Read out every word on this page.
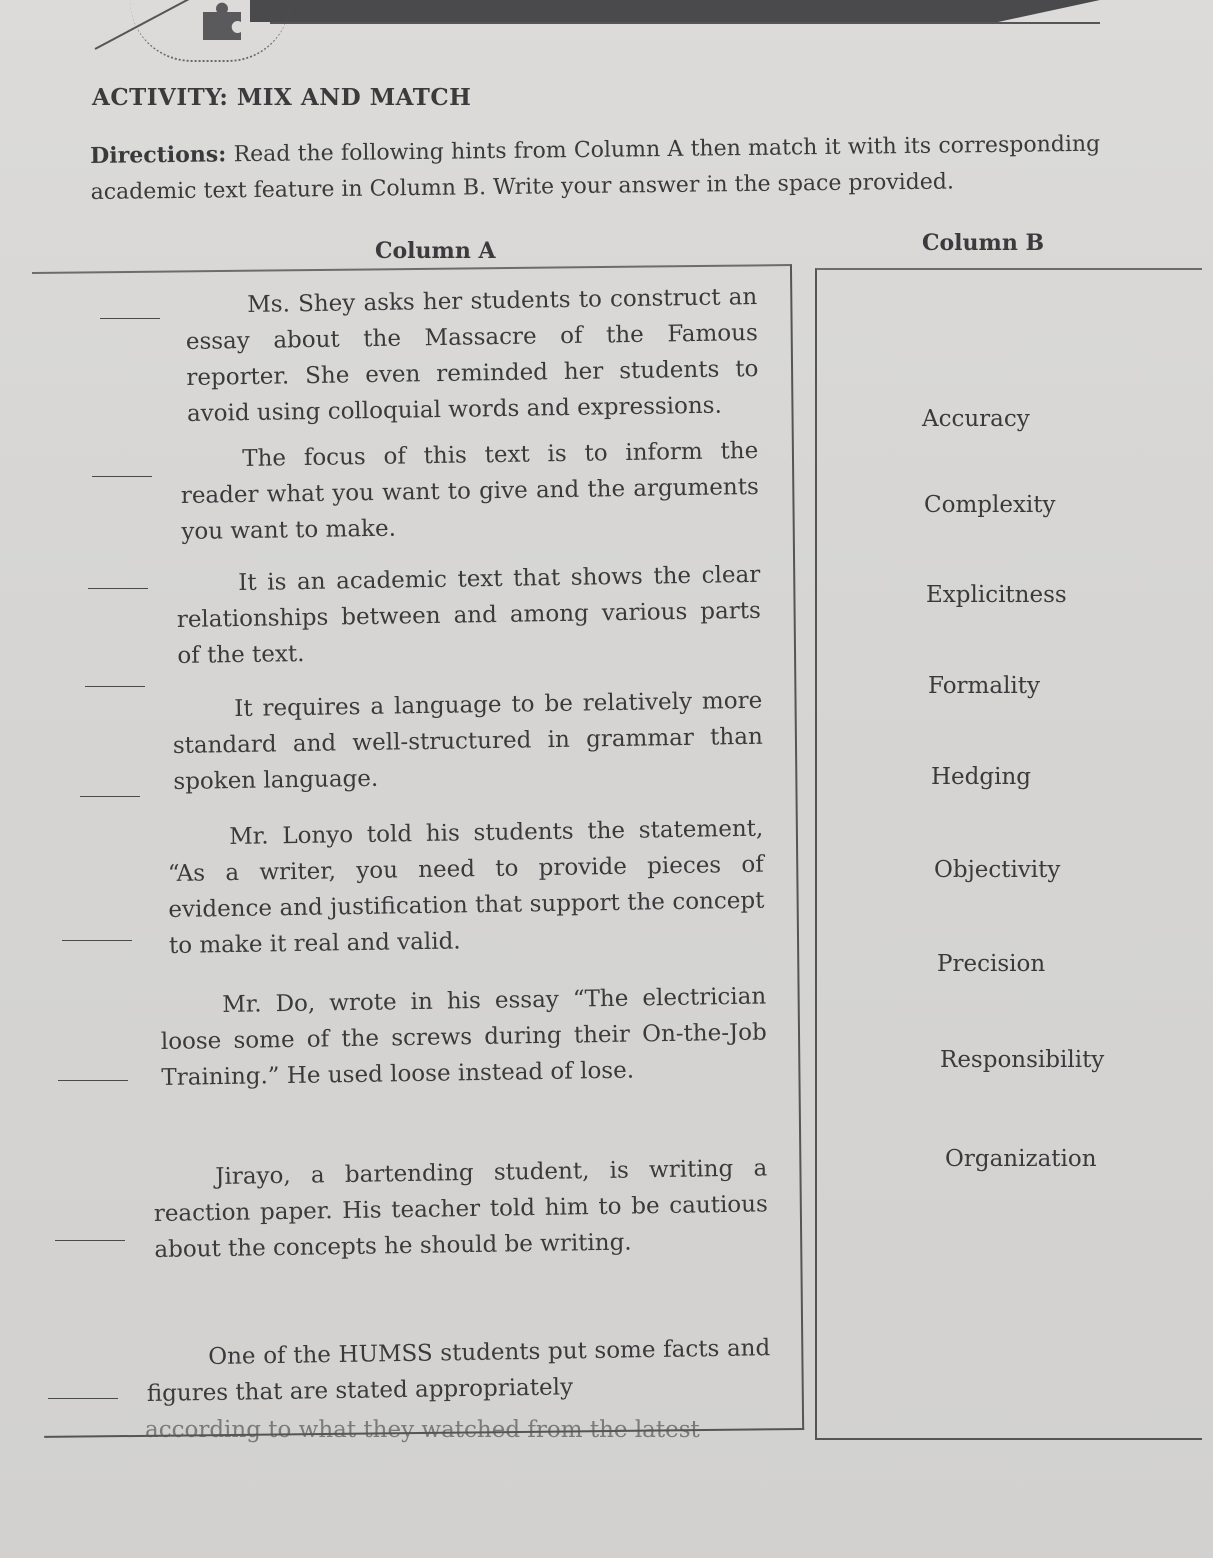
ACTIVITY: MIX AND MATCH
Directions: Read the following hints from Column A then match it with its corresponding academic text feature in Column B. Write your answer in the space provided.
Column A	Column B
Ms. Shey asks her students to construct an essay about the Massacre of the Famous reporter. She even reminded her students to avoid using colloquial words and expressions.
The focus of this text is to inform the reader what you want to give and the arguments you want to make.
It is an academic text that shows the clear relationships between and among various parts of the text.
It requires a language to be relatively more standard and well-structured in grammar than spoken language.
Mr. Lonyo told his students the statement, “As a writer, you need to provide pieces of evidence and justification that support the concept to make it real and valid.
Mr. Do, wrote in his essay “The electrician loose some of the screws during their On-the-Job Training.” He used loose instead of lose.
Jirayo, a bartending student, is writing a reaction paper. His teacher told him to be cautious about the concepts he should be writing.
One of the HUMSS students put some facts and figures that are stated appropriately
according to what they watched from the latest
Accuracy
Complexity
Explicitness
Formality
Hedging
Objectivity
Precision
Responsibility
Organization
